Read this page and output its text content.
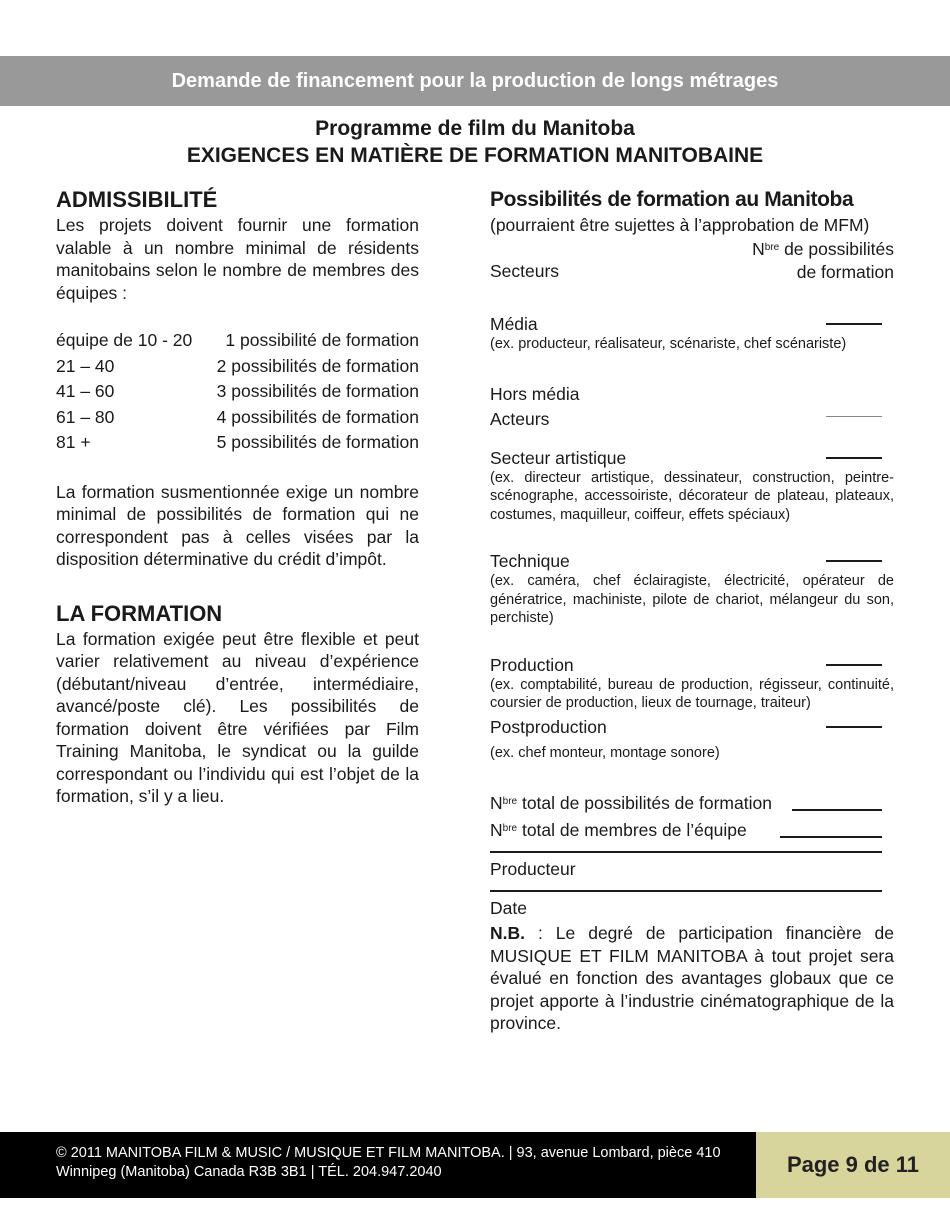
Demande de financement pour la production de longs métrages
Programme de film du Manitoba
EXIGENCES EN MATIÈRE DE FORMATION MANITOBAINE
ADMISSIBILITÉ

Les projets doivent fournir une formation valable à un nombre minimal de résidents manitobains selon le nombre de membres des équipes :

équipe de 10 - 20 1 possibilité de formation
21 – 40	2 possibilités de formation
41 – 60	3 possibilités de formation
61 – 80	4 possibilités de formation
81 +	5 possibilités de formation

La formation susmentionnée exige un nombre minimal de possibilités de formation qui ne correspondent pas à celles visées par la disposition déterminative du crédit d’impôt.

LA FORMATION

La formation exigée peut être flexible et peut varier relativement au niveau d’expérience (débutant/niveau d’entrée, intermédiaire, avancé/poste clé). Les possibilités de formation doivent être vérifiées par Film Training Manitoba, le syndicat ou la guilde correspondant ou l’individu qui est l’objet de la formation, s’il y a lieu.

Possibilités de formation au Manitoba
(pourraient être sujettes à l’approbation de MFM)
Secteurs
$N^{bre}$ de possibilités
de formation
Média
(ex. producteur, réalisateur, scénariste, chef scénariste)
Hors média
Acteurs
Secteur artistique
(ex. directeur artistique, dessinateur, construction, peintre-scénographe, accessoiriste, décorateur de plateau, plateaux, costumes, maquilleur, coiffeur, effets spéciaux)
Technique
(ex. caméra, chef éclairagiste, électricité, opérateur de génératrice, machiniste, pilote de chariot, mélangeur du son, perchiste)
Production
(ex. comptabilité, bureau de production, régisseur, continuité, coursier de production, lieux de tournage, traiteur)
Postproduction
(ex. chef monteur, montage sonore)
$N^{bre}$ total de possibilités de formation
$N^{bre}$ total de membres de l’équipe
Producteur
Date
N.B. : Le degré de participation financière de MUSIQUE ET FILM MANITOBA à tout projet sera évalué en fonction des avantages globaux que ce projet apporte à l’industrie cinématographique de la province.
© 2011 MANITOBA FILM & MUSIC / MUSIQUE ET FILM MANITOBA. | 93, avenue Lombard, pièce 410 Winnipeg (Manitoba) Canada R3B 3B1 | TÉL. 204.947.2040	Page 9 de 11
